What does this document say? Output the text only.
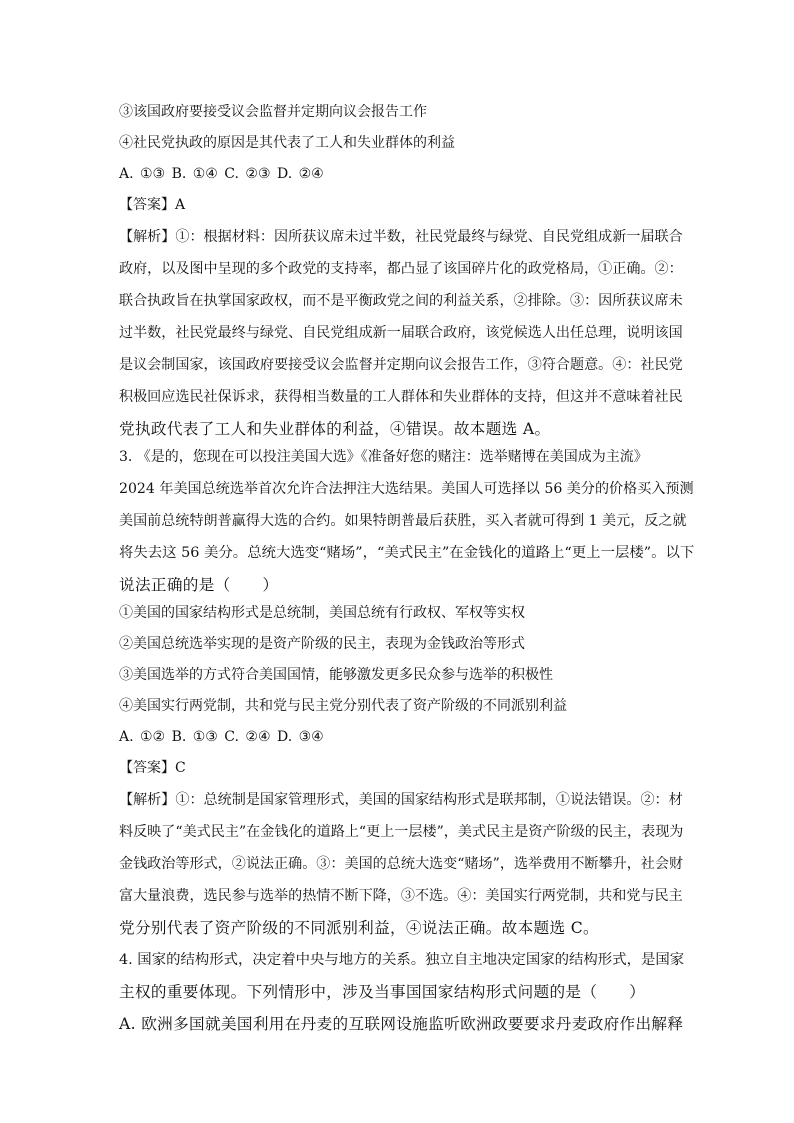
③该国政府要接受议会监督并定期向议会报告工作
④社民党执政的原因是其代表了工人和失业群体的利益
A. ①③ B. ①④ C. ②③ D. ②④
【答案】A
【解析】①：根据材料：因所获议席未过半数，社民党最终与绿党、自民党组成新一届联合
政府，以及图中呈现的多个政党的支持率，都凸显了该国碎片化的政党格局，①正确。②：
联合执政旨在执掌国家政权，而不是平衡政党之间的利益关系，②排除。③：因所获议席未
过半数，社民党最终与绿党、自民党组成新一届联合政府，该党候选人出任总理，说明该国
是议会制国家，该国政府要接受议会监督并定期向议会报告工作，③符合题意。④：社民党
积极回应选民社保诉求，获得相当数量的工人群体和失业群体的支持，但这并不意味着社民
党执政代表了工人和失业群体的利益，④错误。故本题选 A。
3. 《是的，您现在可以投注美国大选》《准备好您的赌注：选举赌博在美国成为主流》
2024 年美国总统选举首次允许合法押注大选结果。美国人可选择以 56 美分的价格买入预测
美国前总统特朗普赢得大选的合约。如果特朗普最后获胜，买入者就可得到 1 美元，反之就
将失去这 56 美分。总统大选变“赌场”，“美式民主”在金钱化的道路上“更上一层楼”。以下
说法正确的是（　　）
①美国的国家结构形式是总统制，美国总统有行政权、军权等实权
②美国总统选举实现的是资产阶级的民主，表现为金钱政治等形式
③美国选举的方式符合美国国情，能够激发更多民众参与选举的积极性
④美国实行两党制，共和党与民主党分别代表了资产阶级的不同派别利益
A. ①② B. ①③ C. ②④ D. ③④
【答案】C
【解析】①：总统制是国家管理形式，美国的国家结构形式是联邦制，①说法错误。②：材
料反映了“美式民主”在金钱化的道路上“更上一层楼”，美式民主是资产阶级的民主，表现为
金钱政治等形式，②说法正确。③：美国的总统大选变“赌场”，选举费用不断攀升，社会财
富大量浪费，选民参与选举的热情不断下降，③不选。④：美国实行两党制，共和党与民主
党分别代表了资产阶级的不同派别利益，④说法正确。故本题选 C。
4. 国家的结构形式，决定着中央与地方的关系。独立自主地决定国家的结构形式，是国家
主权的重要体现。下列情形中，涉及当事国国家结构形式问题的是（　　）
A. 欧洲多国就美国利用在丹麦的互联网设施监听欧洲政要要求丹麦政府作出解释
